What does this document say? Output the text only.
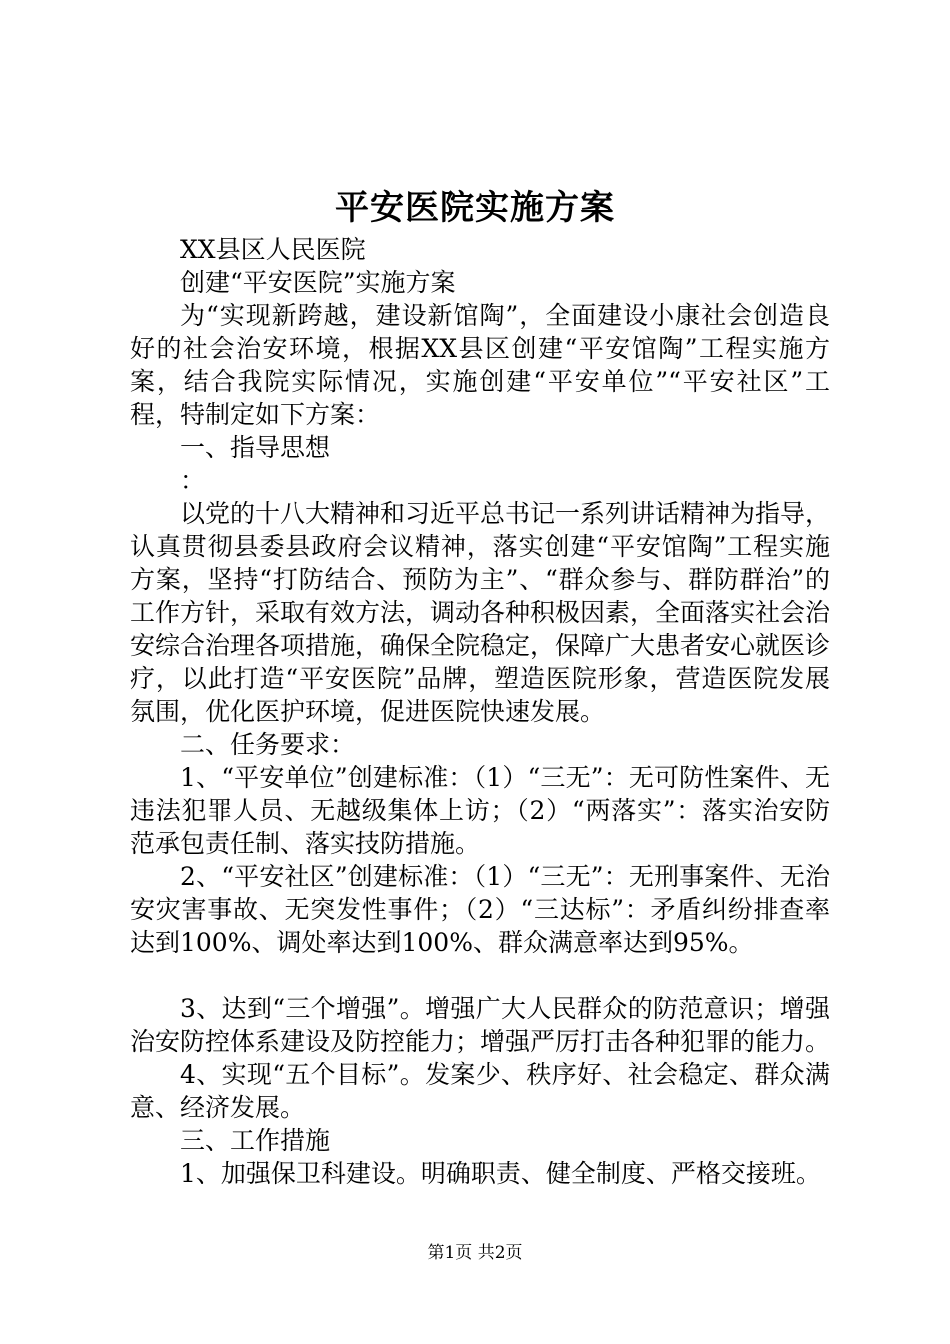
平安医院实施方案

XX县区人民医院

创建“平安医院”实施方案

为“实现新跨越，建设新馆陶”，全面建设小康社会创造良好的社会治安环境，根据XX县区创建“平安馆陶”工程实施方案，结合我院实际情况，实施创建“平安单位”“平安社区”工程，特制定如下方案：

一、指导思想

：

以党的十八大精神和习近平总书记一系列讲话精神为指导，认真贯彻县委县政府会议精神，落实创建“平安馆陶”工程实施方案，坚持“打防结合、预防为主”、“群众参与、群防群治”的工作方针，采取有效方法，调动各种积极因素，全面落实社会治安综合治理各项措施，确保全院稳定，保障广大患者安心就医诊疗，以此打造“平安医院”品牌，塑造医院形象，营造医院发展氛围，优化医护环境，促进医院快速发展。

二、任务要求：

1、“平安单位”创建标准：（1）“三无”：无可防性案件、无违法犯罪人员、无越级集体上访；（2）“两落实”：落实治安防范承包责任制、落实技防措施。

2、“平安社区”创建标准：（1）“三无”：无刑事案件、无治安灾害事故、无突发性事件；（2）“三达标”：矛盾纠纷排查率达到100%、调处率达到100%、群众满意率达到95%。

3、达到“三个增强”。增强广大人民群众的防范意识；增强治安防控体系建设及防控能力；增强严厉打击各种犯罪的能力。

4、实现“五个目标”。发案少、秩序好、社会稳定、群众满意、经济发展。

三、工作措施

1、加强保卫科建设。明确职责、健全制度、严格交接班。

第1页 共2页
